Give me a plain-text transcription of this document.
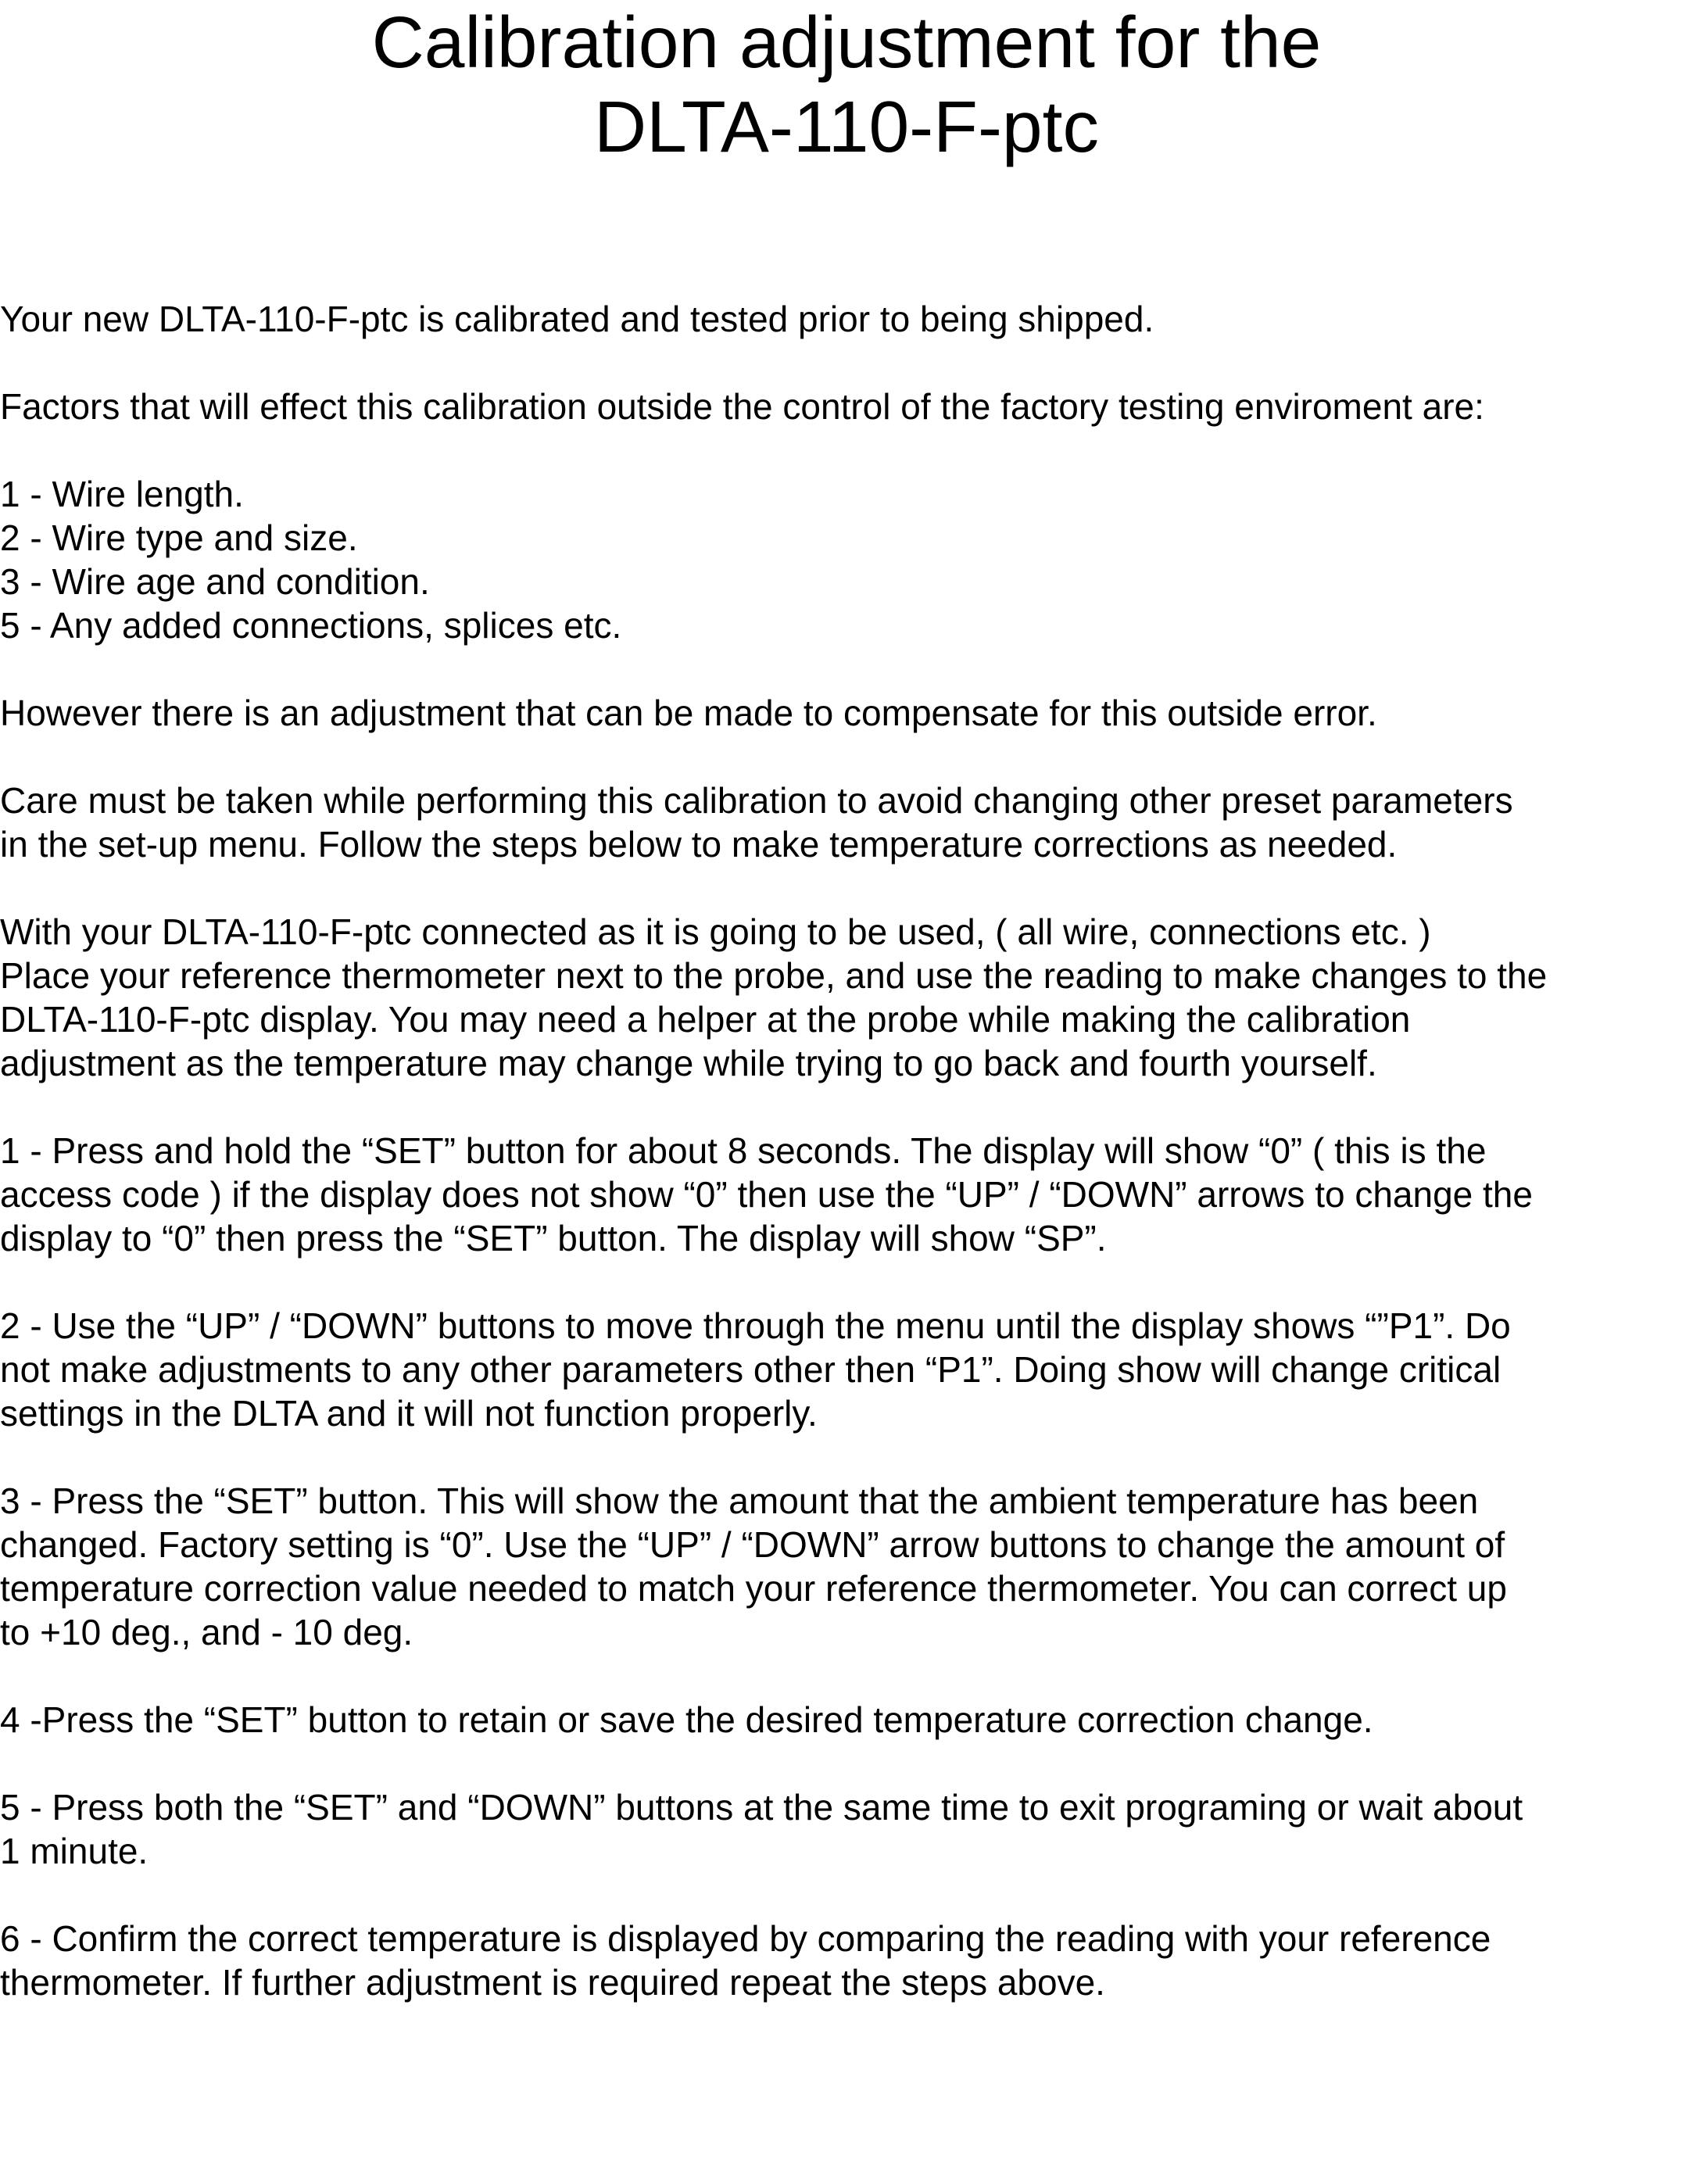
Calibration adjustment for the
DLTA-110-F-ptc
Your new DLTA-110-F-ptc is calibrated and tested prior to being shipped.
Factors that will effect this calibration outside the control of the factory testing enviroment are:
1 - Wire length.
2 - Wire type and size.
3 - Wire age and condition.
5 - Any added connections, splices etc.
However there is an adjustment that can be made to compensate for this outside error.
Care must be taken while performing this calibration to avoid changing other preset parameters
in the set-up menu. Follow the steps below to make temperature corrections as needed.
With your DLTA-110-F-ptc connected as it is going to be used, ( all wire, connections etc. )
Place your reference thermometer next to the probe, and use the reading to make changes to the
DLTA-110-F-ptc display. You may need a helper at the probe while making the calibration
adjustment as the temperature may change while trying to go back and fourth yourself.
1 - Press and hold the “SET” button for about 8 seconds. The display will show “0” ( this is the
access code ) if the display does not show “0” then use the “UP” / “DOWN” arrows to change the
display to “0” then press the “SET” button. The display will show “SP”.
2 - Use the “UP” / “DOWN” buttons to move through the menu until the display shows “”P1”. Do
not make adjustments to any other parameters other then “P1”. Doing show will change critical
settings in the DLTA and it will not function properly.
3 - Press the “SET” button. This will show the amount that the ambient temperature has been
changed. Factory setting is “0”. Use the “UP” / “DOWN” arrow buttons to change the amount of
temperature correction value needed to match your reference thermometer. You can correct up
to +10 deg., and - 10 deg.
4 -Press the “SET” button to retain or save the desired temperature correction change.
5 - Press both the “SET” and “DOWN” buttons at the same time to exit programing or wait about
1 minute.
6 - Confirm the correct temperature is displayed by comparing the reading with your reference
thermometer. If further adjustment is required repeat the steps above.
